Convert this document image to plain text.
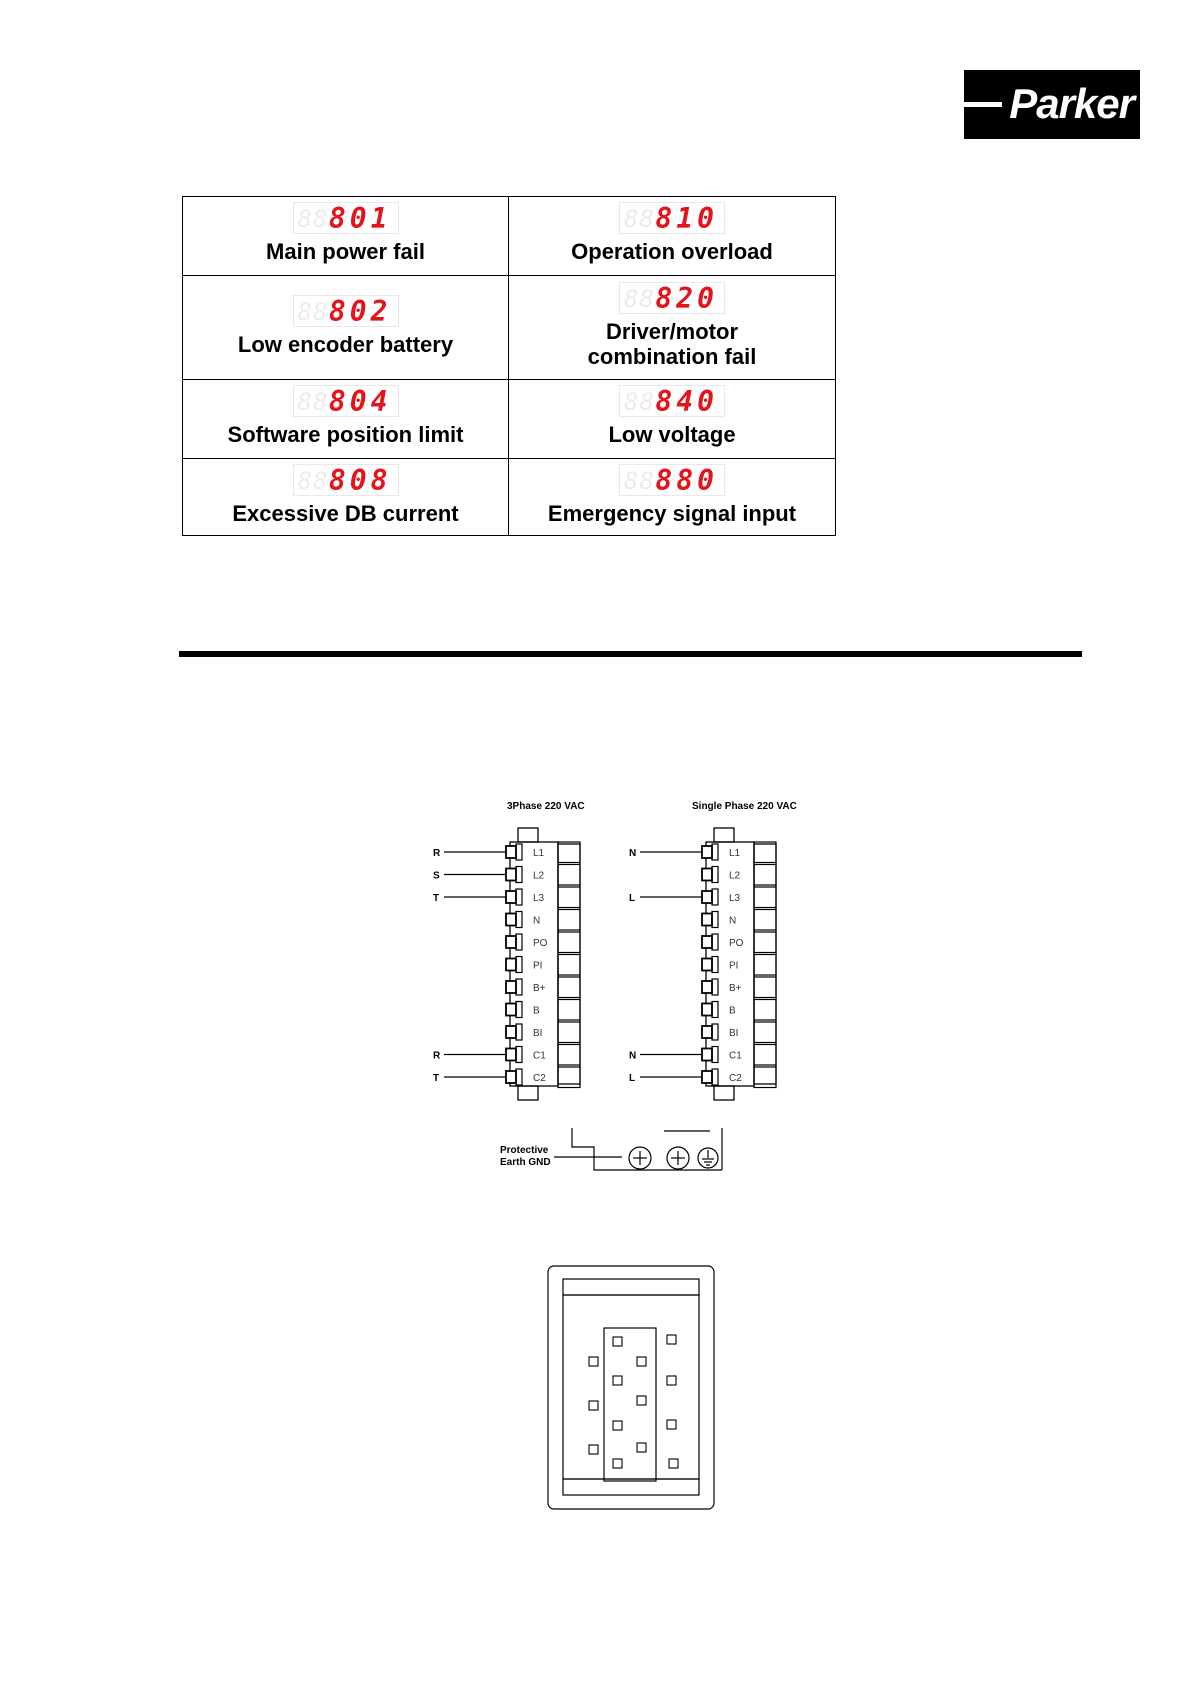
Parker
88 801
Main power fail
88 810
Operation overload
88 802
Low encoder battery
88 820
Driver/motor combination fail
88 804
Software position limit
88 840
Low voltage
88 808
Excessive DB current
88 880
Emergency signal input
3Phase 220 VAC	Single Phase 220 VAC
L1
R
L2
S
L3
T
N
PO
PI
B+
B
BI
C1
R
C2
T
L1
N
L2
L3
L
N
PO
PI
B+
B
BI
C1
N
C2
L
Protective
Earth GND
